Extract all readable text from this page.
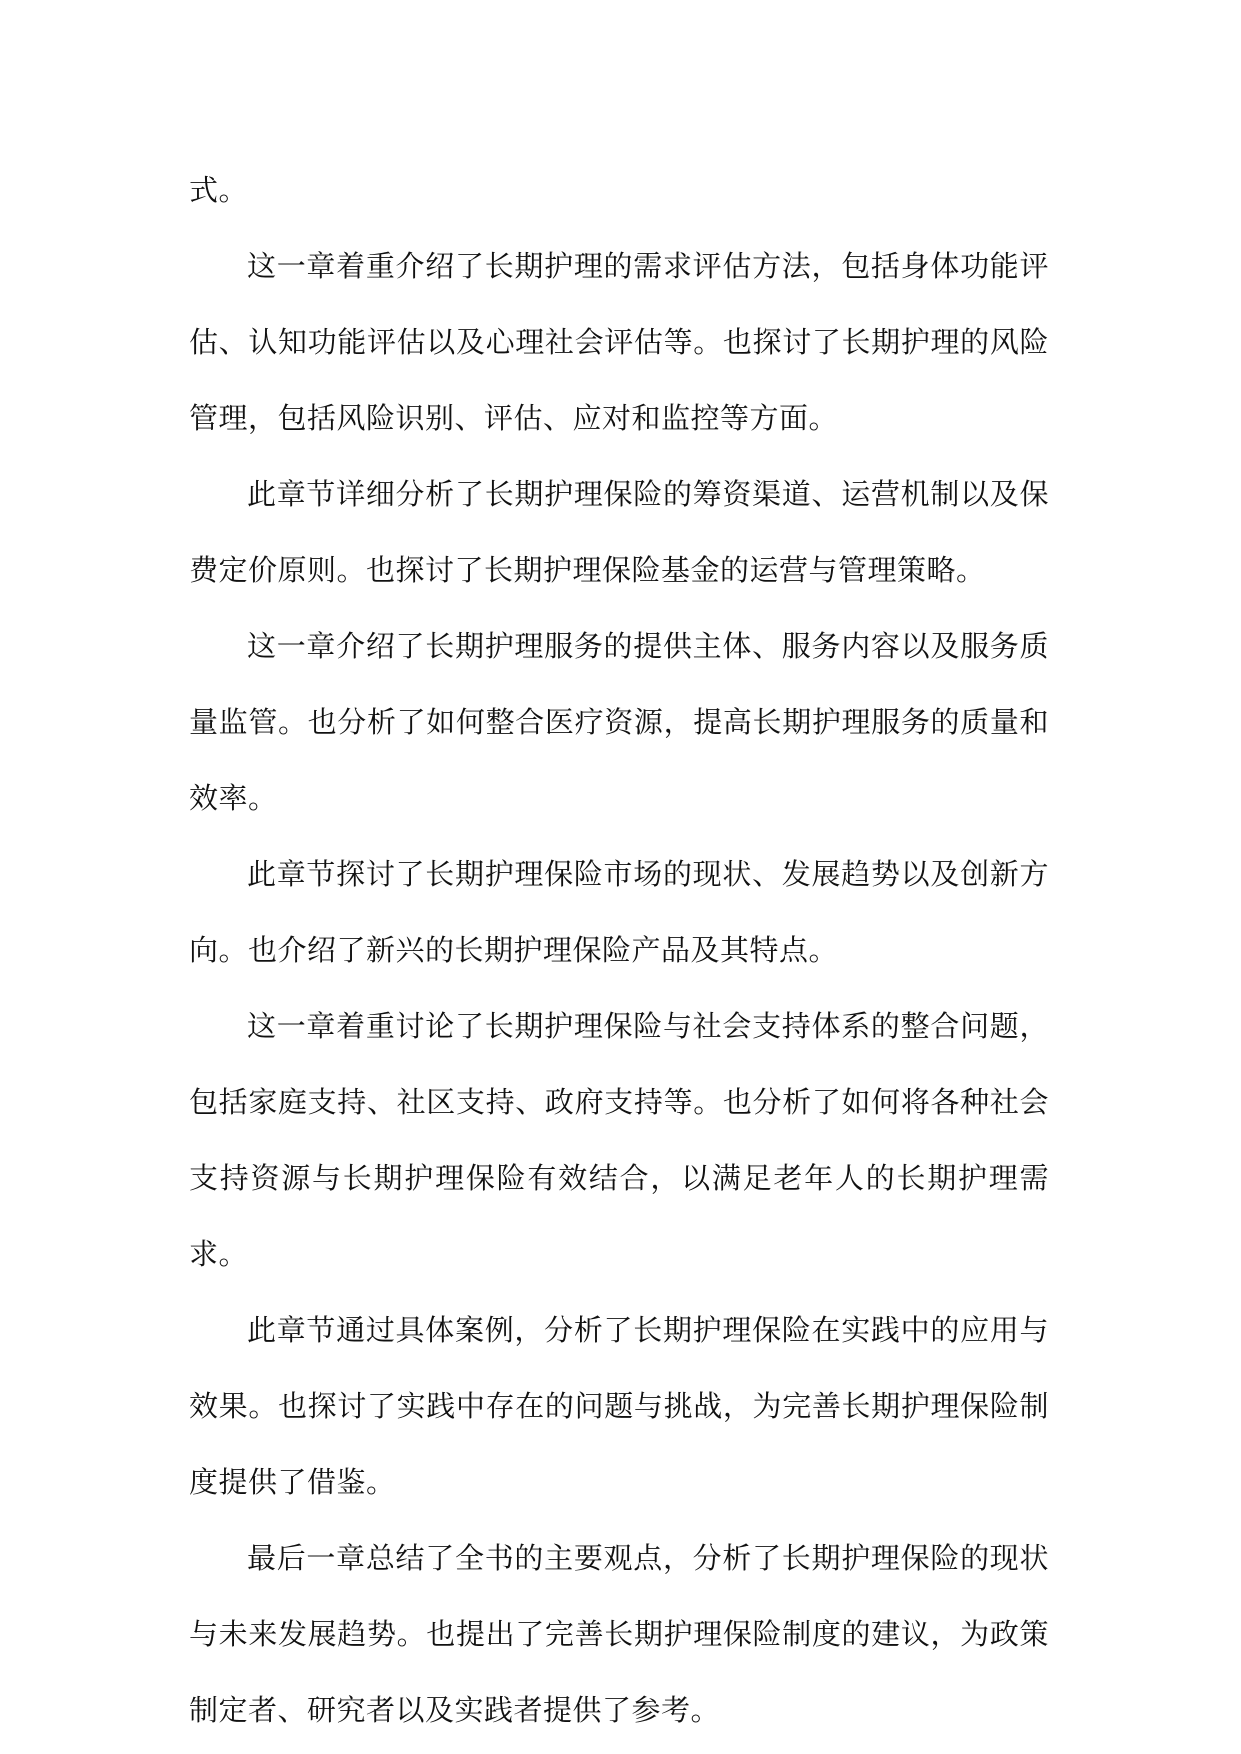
式。

这一章着重介绍了长期护理的需求评估方法，包括身体功能评估、认知功能评估以及心理社会评估等。也探讨了长期护理的风险管理，包括风险识别、评估、应对和监控等方面。

此章节详细分析了长期护理保险的筹资渠道、运营机制以及保费定价原则。也探讨了长期护理保险基金的运营与管理策略。

这一章介绍了长期护理服务的提供主体、服务内容以及服务质量监管。也分析了如何整合医疗资源，提高长期护理服务的质量和效率。

此章节探讨了长期护理保险市场的现状、发展趋势以及创新方向。也介绍了新兴的长期护理保险产品及其特点。

这一章着重讨论了长期护理保险与社会支持体系的整合问题，包括家庭支持、社区支持、政府支持等。也分析了如何将各种社会支持资源与长期护理保险有效结合，以满足老年人的长期护理需求。

此章节通过具体案例，分析了长期护理保险在实践中的应用与效果。也探讨了实践中存在的问题与挑战，为完善长期护理保险制度提供了借鉴。

最后一章总结了全书的主要观点，分析了长期护理保险的现状与未来发展趋势。也提出了完善长期护理保险制度的建议，为政策制定者、研究者以及实践者提供了参考。
